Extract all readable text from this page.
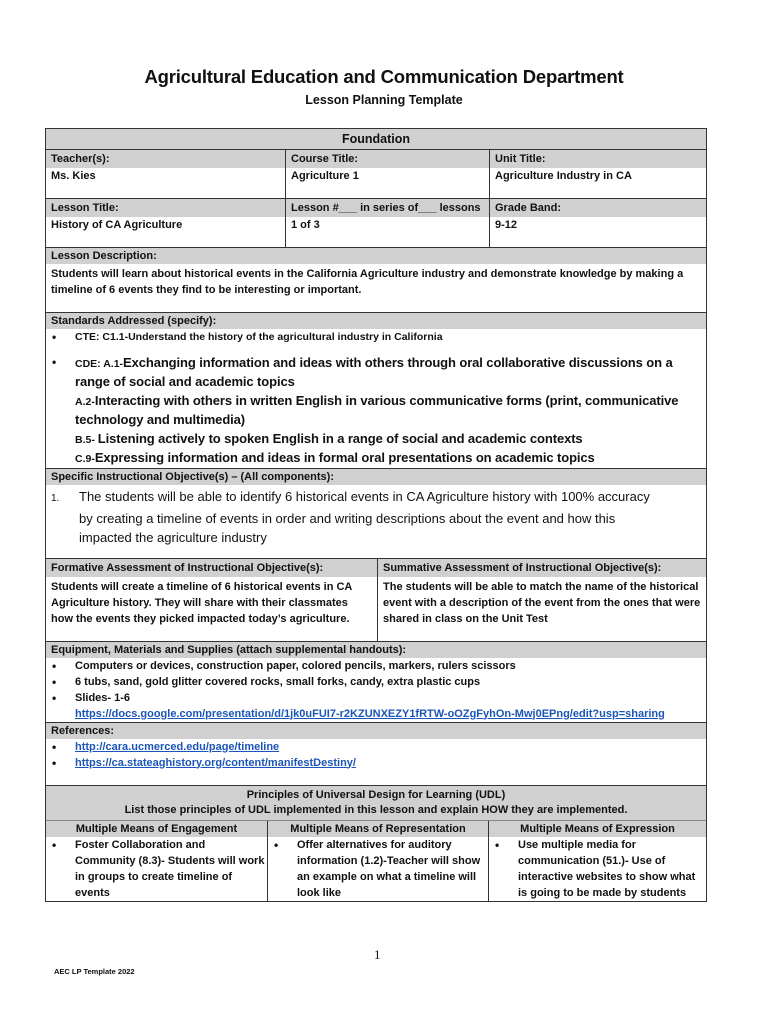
Agricultural Education and Communication Department
Lesson Planning Template
Foundation
Teacher(s):
Ms. Kies
Course Title:
Agriculture 1
Unit Title:
Agriculture Industry in CA
Lesson Title:
History of CA Agriculture
Lesson #___ in series of___ lessons
1 of 3
Grade Band:
9-12
Lesson Description:
Students will learn about historical events in the California Agriculture industry and demonstrate knowledge by making a timeline of 6 events they find to be interesting or important.
Standards Addressed (specify):
• CTE: C1.1-Understand the history of the agricultural industry in California
• CDE: A.1-Exchanging information and ideas with others through oral collaborative discussions on a range of social and academic topics
A.2-Interacting with others in written English in various communicative forms (print, communicative technology and multimedia)
B.5- Listening actively to spoken English in a range of social and academic contexts
C.9-Expressing information and ideas in formal oral presentations on academic topics
Specific Instructional Objective(s) – (All components):
1. The students will be able to identify 6 historical events in CA Agriculture history with 100% accuracy
by creating a timeline of events in order and writing descriptions about the event and how this
impacted the agriculture industry
Formative Assessment of Instructional Objective(s):
Students will create a timeline of 6 historical events in CA Agriculture history. They will share with their classmates how the events they picked impacted today’s agriculture.
Summative Assessment of Instructional Objective(s):
The students will be able to match the name of the historical event with a description of the event from the ones that were shared in class on the Unit Test
Equipment, Materials and Supplies (attach supplemental handouts):
• Computers or devices, construction paper, colored pencils, markers, rulers scissors
• 6 tubs, sand, gold glitter covered rocks, small forks, candy, extra plastic cups
• Slides- 1-6
https://docs.google.com/presentation/d/1jk0uFUI7-r2KZUNXEZY1fRTW-oOZgFyhOn-Mwj0EPng/edit?usp=sharing
References:
• http://cara.ucmerced.edu/page/timeline
• https://ca.stateaghistory.org/content/manifestDestiny/
Principles of Universal Design for Learning (UDL)
List those principles of UDL implemented in this lesson and explain HOW they are implemented.
Multiple Means of Engagement
• Foster Collaboration and Community (8.3)- Students will work in groups to create timeline of events
Multiple Means of Representation
• Offer alternatives for auditory information (1.2)-Teacher will show an example on what a timeline will look like
Multiple Means of Expression
• Use multiple media for communication (51.)- Use of interactive websites to show what is going to be made by students
1
AEC LP Template 2022
